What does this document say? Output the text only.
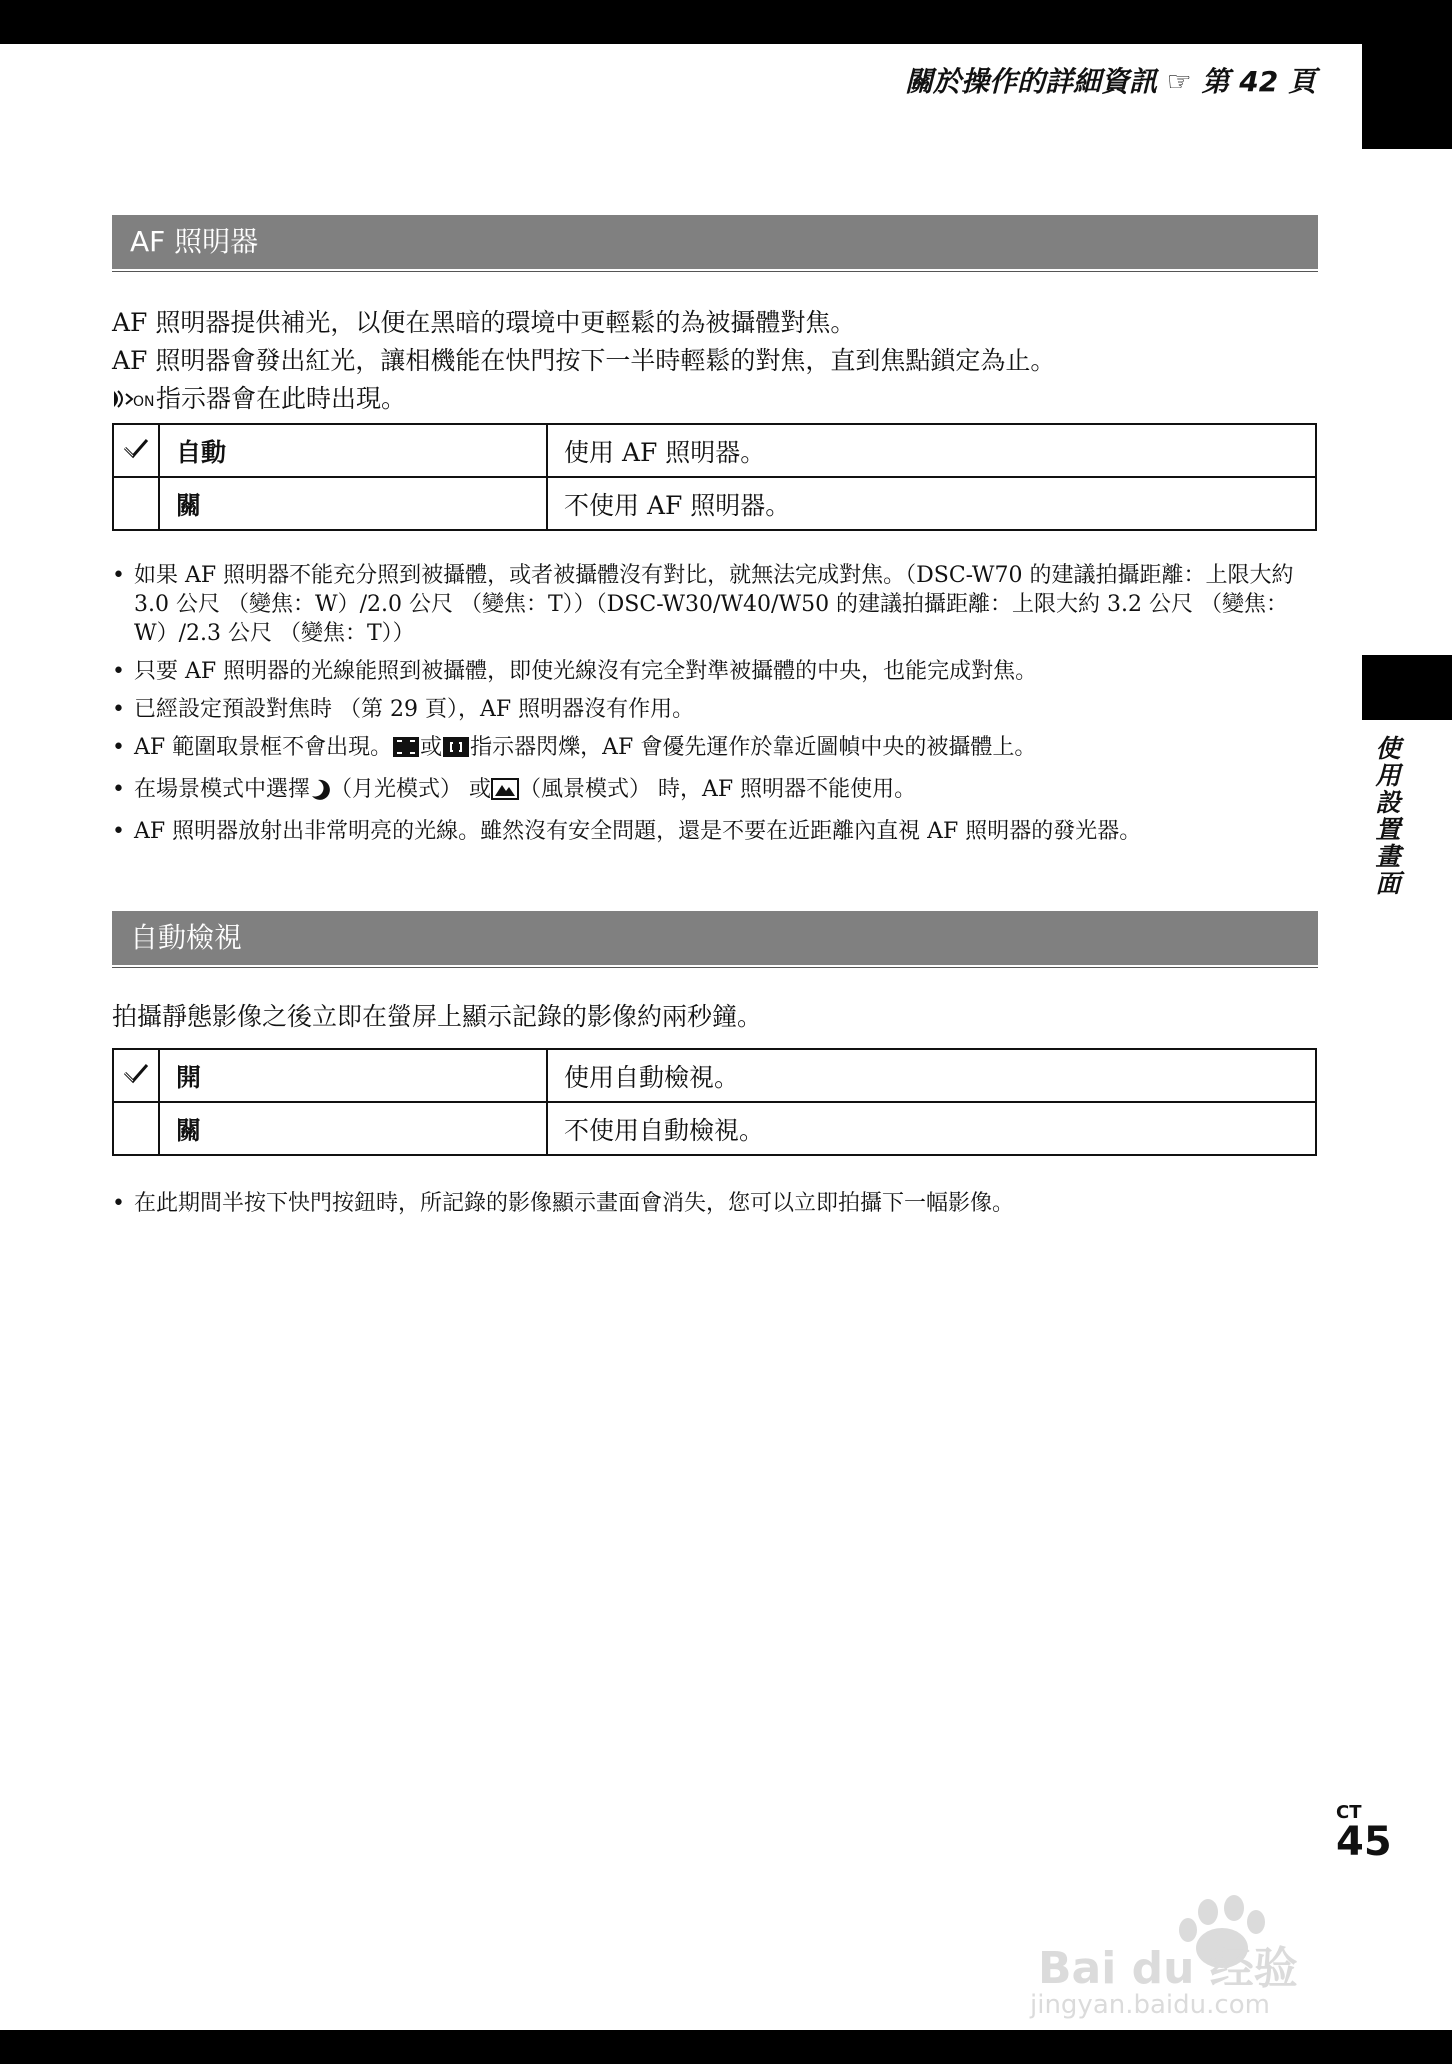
使用設置畫面
關於操作的詳細資訊 ☞ 第 42 頁
AF 照明器

AF 照明器提供補光，以便在黑暗的環境中更輕鬆的為被攝體對焦。

AF 照明器會發出紅光，讓相機能在快門按下一半時輕鬆的對焦，直到焦點鎖定為止。

ON 指示器會在此時出現。

	自動	使用 AF 照明器。
	關	不使用 AF 照明器。
• 如果 AF 照明器不能充分照到被攝體，或者被攝體沒有對比，就無法完成對焦。（DSC-W70 的建議拍攝距離：上限大約 3.0 公尺 （變焦：W）/2.0 公尺 （變焦：T））（DSC-W30/W40/W50 的建議拍攝距離：上限大約 3.2 公尺 （變焦：W）/2.3 公尺 （變焦：T））
• 只要 AF 照明器的光線能照到被攝體，即使光線沒有完全對準被攝體的中央，也能完成對焦。
• 已經設定預設對焦時 （第 29 頁），AF 照明器沒有作用。
• AF 範圍取景框不會出現。 或 指示器閃爍，AF 會優先運作於靠近圖幀中央的被攝體上。
• 在場景模式中選擇 （月光模式） 或 （風景模式） 時，AF 照明器不能使用。
• AF 照明器放射出非常明亮的光線。雖然沒有安全問題，還是不要在近距離內直視 AF 照明器的發光器。
自動檢視

拍攝靜態影像之後立即在螢屏上顯示記錄的影像約兩秒鐘。

	開	使用自動檢視。
	關	不使用自動檢視。
• 在此期間半按下快門按鈕時，所記錄的影像顯示畫面會消失，您可以立即拍攝下一幅影像。
Bai du 经验
jingyan.baidu.com
CT
45
